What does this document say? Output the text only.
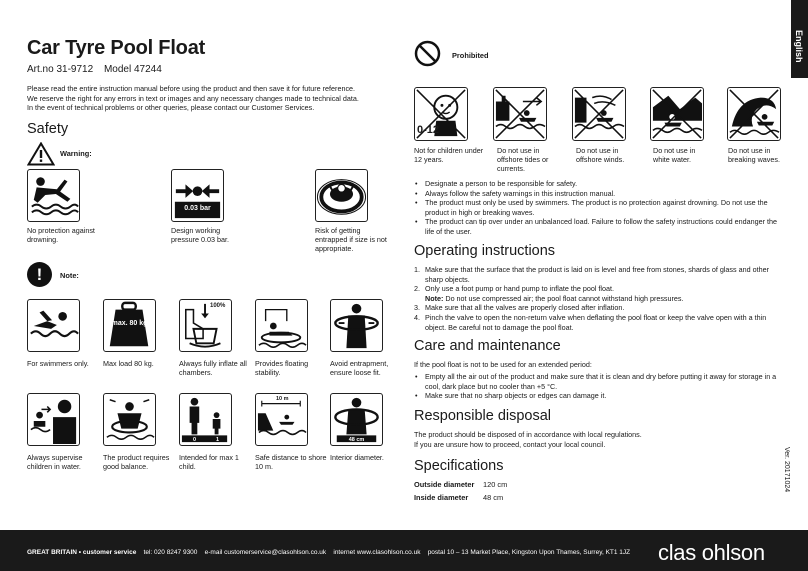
Car Tyre Pool Float
Art.no 31-9712 Model 47244

Please read the entire instruction manual before using the product and then save it for future reference.

We reserve the right for any errors in text or images and any necessary changes made to technical data.

In the event of technical problems or other queries, please contact our Customer Services.

Safety
Warning:
0.03 bar
No protection against drowning.
Design working pressure 0.03 bar.
Risk of getting entrapped if size is not appropriate.
!	Note:
max. 80 kg
100%
For swimmers only.	Max load 80 kg.	Always fully inflate all chambers.
Provides floating stability.
Avoid entrapment, ensure loose fit.
0	1
10 m
48 cm
Always supervise children in water.
The product requires good balance.
Intended for max 1 child.
Safe distance to shore 10 m.
Interior diameter.
Prohibited
0-12
Not for children under 12 years.
Do not use in offshore tides or currents.
Do not use in offshore winds.
Do not use in white water.
Do not use in breaking waves.
• Designate a person to be responsible for safety.
• Always follow the safety warnings in this instruction manual.
• The product must only be used by swimmers. The product is no protection against drowning. Do not use the product in high or breaking waves.
• The product can tip over under an unbalanced load. Failure to follow the safety instructions could endanger the life of the user.
Operating instructions
1. Make sure that the surface that the product is laid on is level and free from stones, shards of glass and other sharp objects.
2. Only use a foot pump or hand pump to inflate the pool float.
Note: Do not use compressed air; the pool float cannot withstand high pressures.
3. Make sure that all the valves are properly closed after inflation.
4. Pinch the valve to open the non-return valve when deflating the pool float or keep the valve open with a thin object. Be careful not to damage the pool float.
Care and maintenance
If the pool float is not to be used for an extended period:
• Empty all the air out of the product and make sure that it is clean and dry before putting it away for storage in a cool, dark place but no cooler than +5 °C.
• Make sure that no sharp objects or edges can damage it.
Responsible disposal
The product should be disposed of in accordance with local regulations.
If you are unsure how to proceed, contact your local council.
Specifications
Outside diameter 120 cm
Inside diameter 48 cm
English
Ver. 20171024
GREAT BRITAIN • customer service tel: 020 8247 9300 e-mail customerservice@clasohlson.co.uk internet www.clasohlson.co.uk postal 10 – 13 Market Place, Kingston Upon Thames, Surrey, KT1 1JZ clas ohlson
